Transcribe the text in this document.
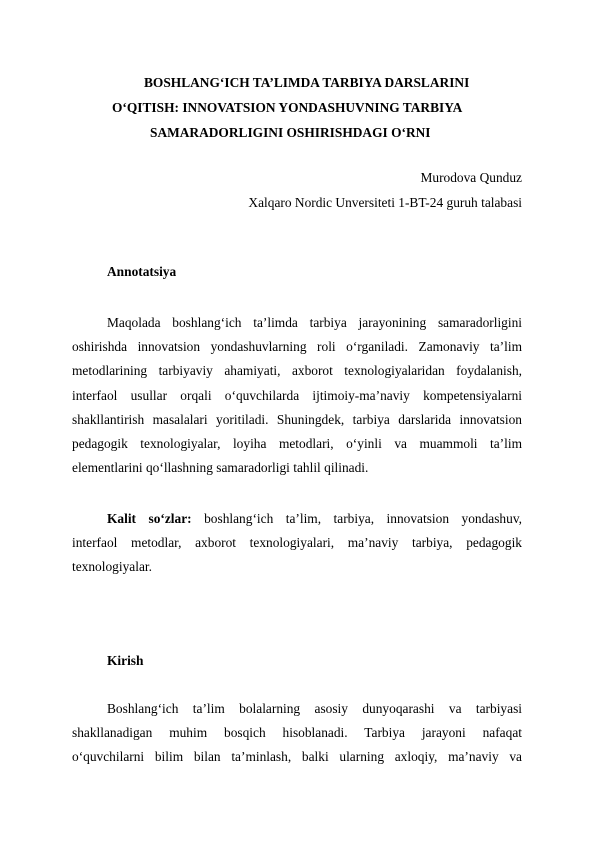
BOSHLANG‘ICH TA’LIMDA TARBIYA DARSLARINI
O‘QITISH: INNOVATSION YONDASHUVNING TARBIYA
SAMARADORLIGINI OSHIRISHDAGI O‘RNI
Murodova Qunduz
Xalqaro Nordic Unversiteti 1-BT-24 guruh talabasi
Annotatsiya
Maqolada boshlang‘ich ta’limda tarbiya jarayonining samaradorligini
oshirishda innovatsion yondashuvlarning roli o‘rganiladi. Zamonaviy ta’lim
metodlarining tarbiyaviy ahamiyati, axborot texnologiyalaridan foydalanish,
interfaol usullar orqali o‘quvchilarda ijtimoiy-ma’naviy kompetensiyalarni
shakllantirish masalalari yoritiladi. Shuningdek, tarbiya darslarida innovatsion
pedagogik texnologiyalar, loyiha metodlari, o‘yinli va muammoli ta’lim
elementlarini qo‘llashning samaradorligi tahlil qilinadi.
Kalit so‘zlar: boshlang‘ich ta’lim, tarbiya, innovatsion yondashuv,
interfaol metodlar, axborot texnologiyalari, ma’naviy tarbiya, pedagogik
texnologiyalar.
Kirish
Boshlang‘ich ta’lim bolalarning asosiy dunyoqarashi va tarbiyasi
shakllanadigan muhim bosqich hisoblanadi. Tarbiya jarayoni nafaqat
o‘quvchilarni bilim bilan ta’minlash, balki ularning axloqiy, ma’naviy va
